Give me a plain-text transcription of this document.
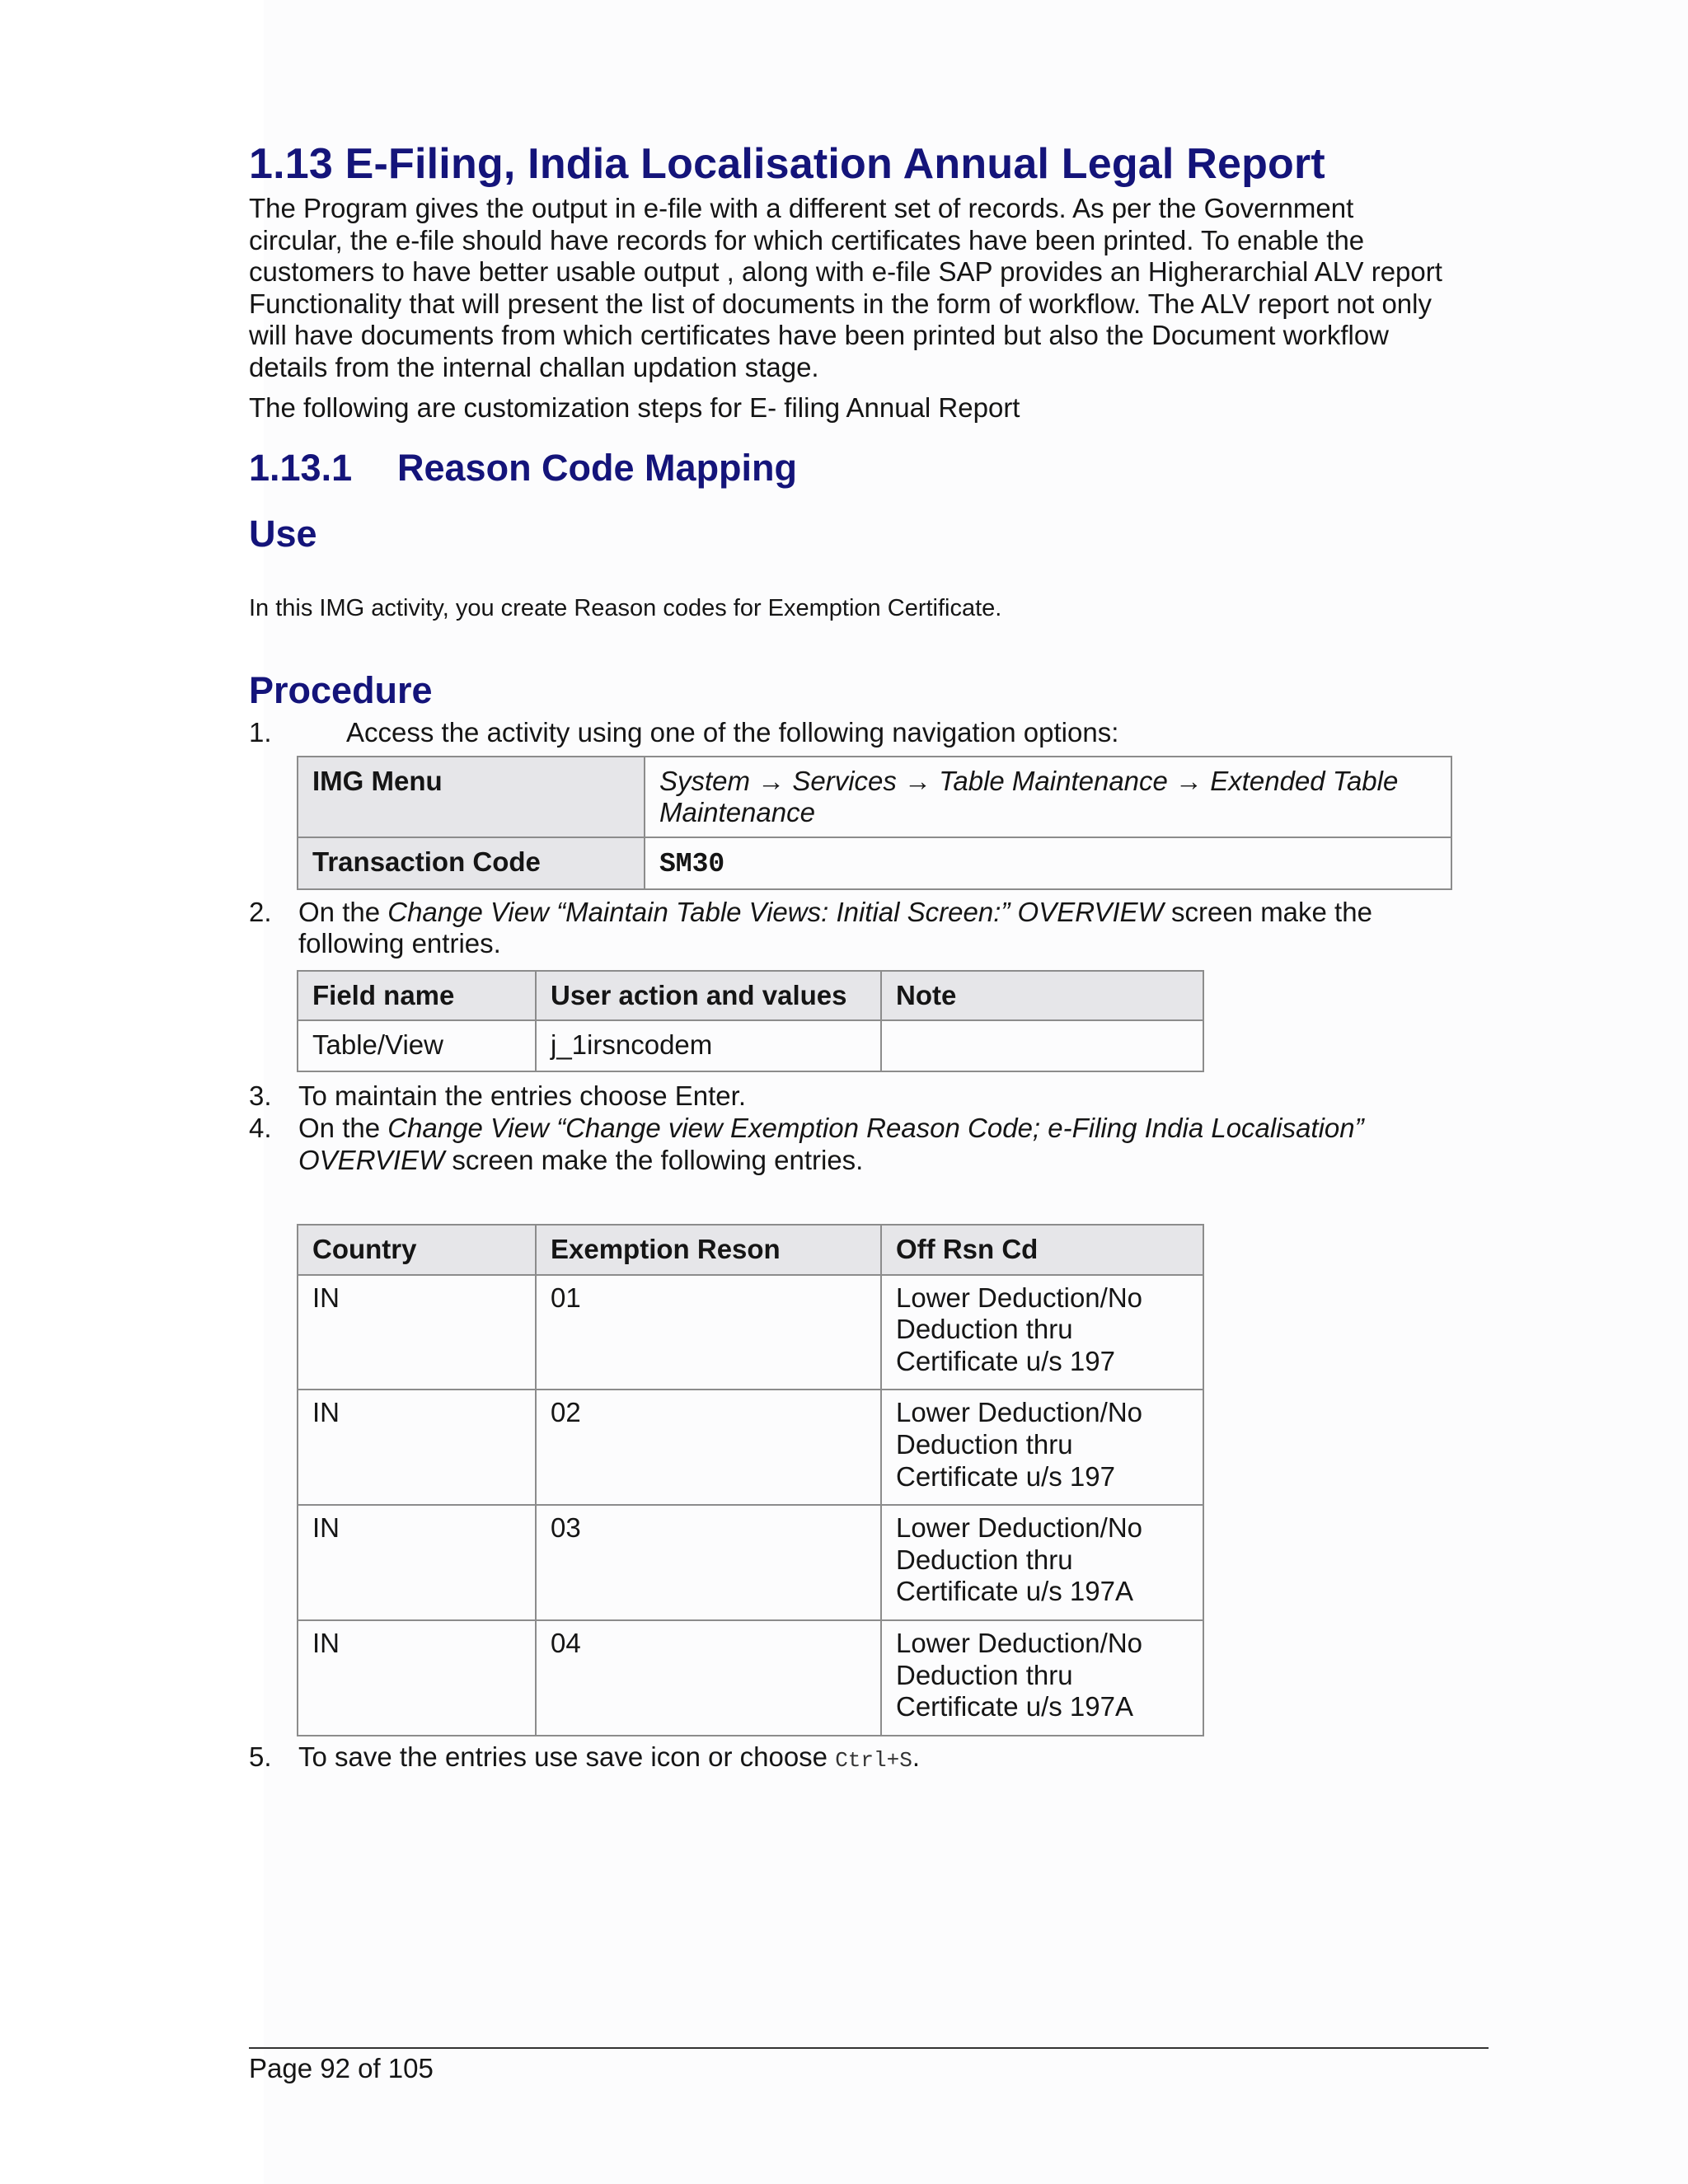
1.13 E-Filing, India Localisation Annual Legal Report

The Program gives the output in e-file with a different set of records. As per the Government circular, the e-file should have records for which certificates have been printed. To enable the customers to have better usable output , along with e-file SAP provides an Higherarchial ALV report Functionality that will present the list of documents in the form of workflow. The ALV report not only will have documents from which certificates have been printed but also the Document workflow details from the internal challan updation stage.

The following are customization steps for E- filing Annual Report

1.13.1 Reason Code Mapping
Use

In this IMG activity, you create Reason codes for Exemption Certificate.

Procedure
1.	Access the activity using one of the following navigation options:
IMG Menu	System → Services → Table Maintenance → Extended Table Maintenance
Transaction Code	SM30
2. On the Change View “Maintain Table Views: Initial Screen:” OVERVIEW screen make the following entries.
Field name	User action and values	Note
Table/View	j_1irsncodem	
3. To maintain the entries choose Enter.
4. On the Change View “Change view Exemption Reason Code; e-Filing India Localisation” OVERVIEW screen make the following entries.
Country	Exemption Reson	Off Rsn Cd
IN	01	Lower Deduction/No Deduction thru Certificate u/s 197
IN	02	Lower Deduction/No Deduction thru Certificate u/s 197
IN	03	Lower Deduction/No Deduction thru Certificate u/s 197A
IN	04	Lower Deduction/No Deduction thru Certificate u/s 197A
5. To save the entries use save icon or choose Ctrl+S.
Page 92 of 105
